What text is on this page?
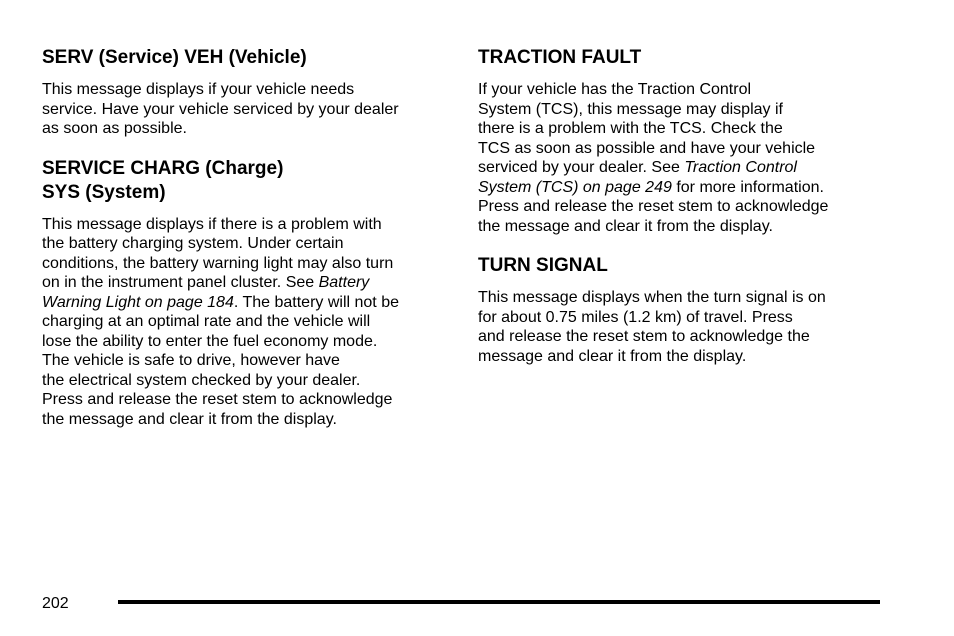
SERV (Service) VEH (Vehicle)
This message displays if your vehicle needs
service. Have your vehicle serviced by your dealer
as soon as possible.
SERVICE CHARG (Charge)
SYS (System)
This message displays if there is a problem with
the battery charging system. Under certain
conditions, the battery warning light may also turn
on in the instrument panel cluster. See Battery
Warning Light on page 184. The battery will not be
charging at an optimal rate and the vehicle will
lose the ability to enter the fuel economy mode.
The vehicle is safe to drive, however have
the electrical system checked by your dealer.
Press and release the reset stem to acknowledge
the message and clear it from the display.
TRACTION FAULT
If your vehicle has the Traction Control
System (TCS), this message may display if
there is a problem with the TCS. Check the
TCS as soon as possible and have your vehicle
serviced by your dealer. See Traction Control
System (TCS) on page 249 for more information.
Press and release the reset stem to acknowledge
the message and clear it from the display.
TURN SIGNAL
This message displays when the turn signal is on
for about 0.75 miles (1.2 km) of travel. Press
and release the reset stem to acknowledge the
message and clear it from the display.
202
